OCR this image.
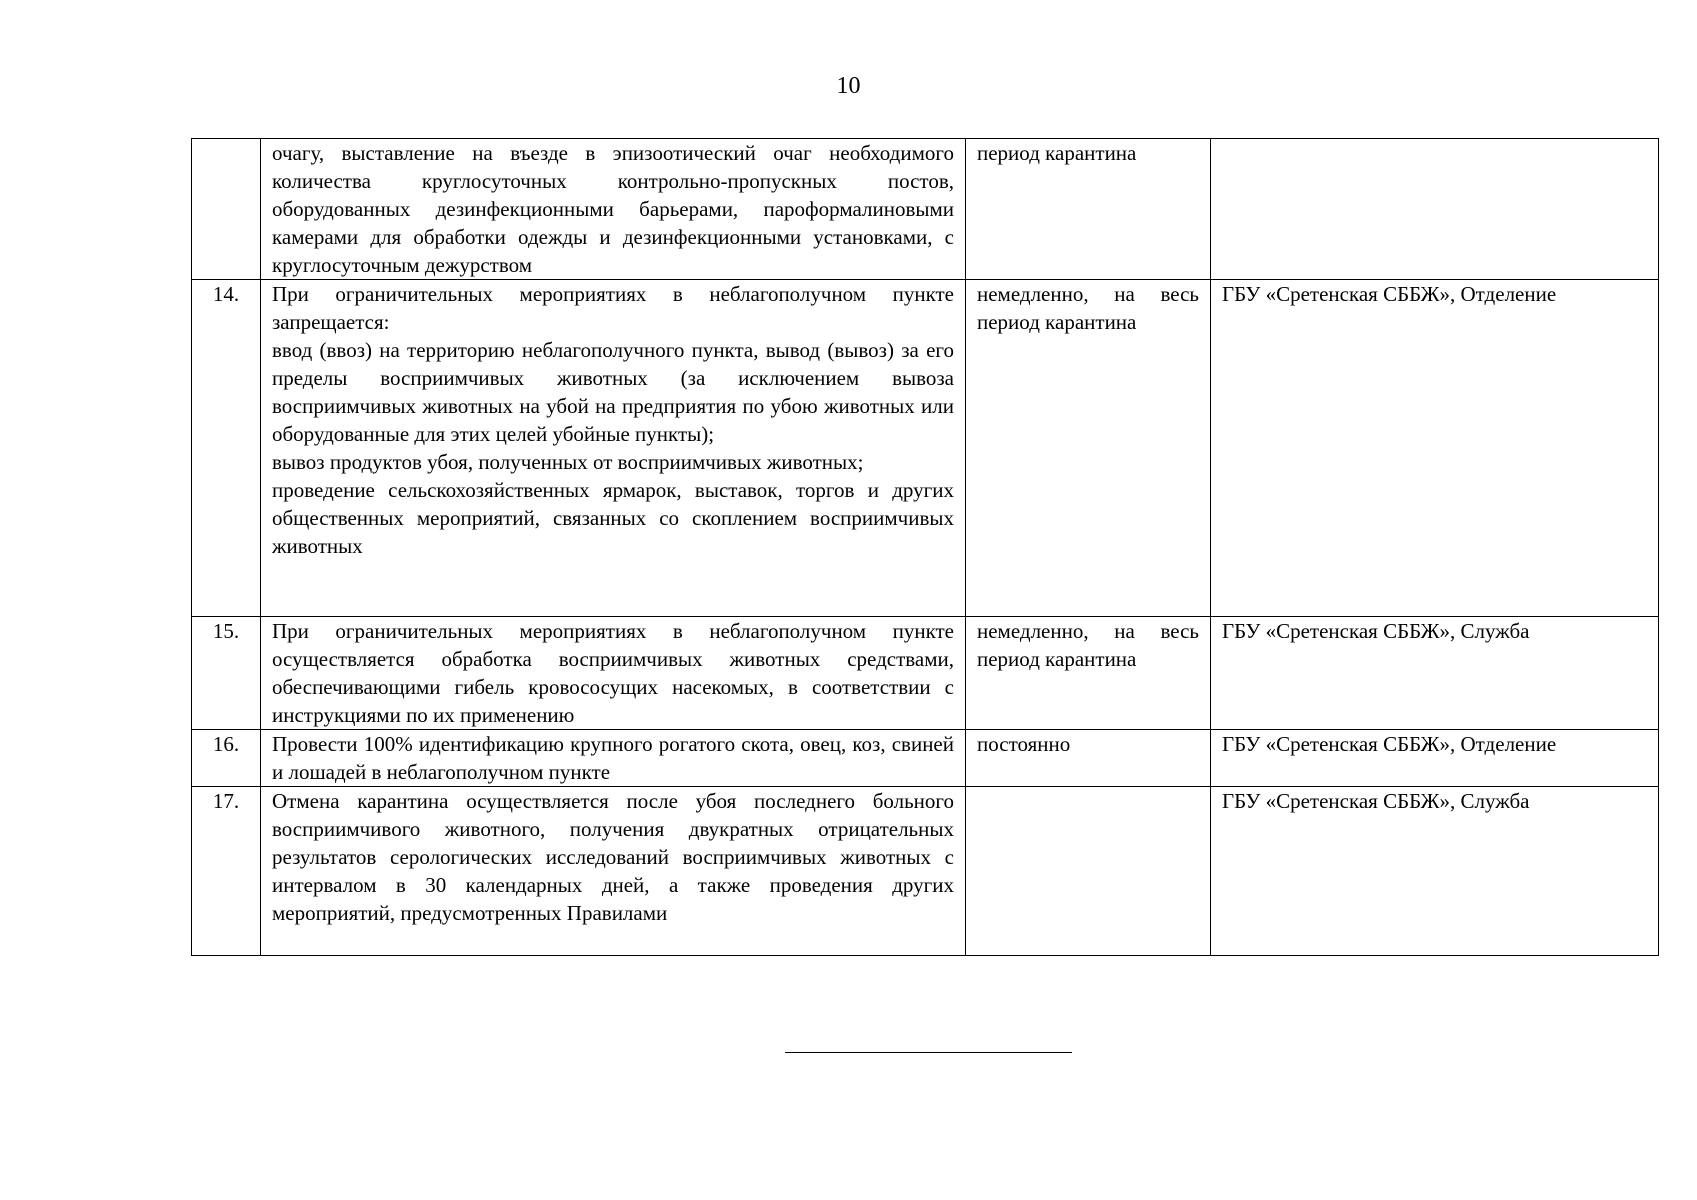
10

	очагу, выставление на въезде в эпизоотический очаг необходимого количества круглосуточных контрольно-пропускных постов, оборудованных дезинфекционными барьерами, пароформалиновыми камерами для обработки одежды и дезинфекционными установками, с круглосуточным дежурством	период карантина	
14.	При ограничительных мероприятиях в неблагополучном пункте запрещается:

ввод (ввоз) на территорию неблагополучного пункта, вывод (вывоз) за его пределы восприимчивых животных (за исключением вывоза восприимчивых животных на убой на предприятия по убою животных или оборудованные для этих целей убойные пункты);

вывоз продуктов убоя, полученных от восприимчивых животных;

проведение сельскохозяйственных ярмарок, выставок, торгов и других общественных мероприятий, связанных со скоплением восприимчивых животных	немедленно, на весь период карантина	ГБУ «Сретенская СББЖ», Отделение
15.	При ограничительных мероприятиях в неблагополучном пункте осуществляется обработка восприимчивых животных средствами, обеспечивающими гибель кровососущих насекомых, в соответствии с инструкциями по их применению	немедленно, на весь период карантина	ГБУ «Сретенская СББЖ», Служба
16.	Провести 100% идентификацию крупного рогатого скота, овец, коз, свиней и лошадей в неблагополучном пункте	постоянно	ГБУ «Сретенская СББЖ», Отделение
17.	Отмена карантина осуществляется после убоя последнего больного восприимчивого животного, получения двукратных отрицательных результатов серологических исследований восприимчивых животных с интервалом в 30 календарных дней, а также проведения других мероприятий, предусмотренных Правилами		ГБУ «Сретенская СББЖ», Служба
